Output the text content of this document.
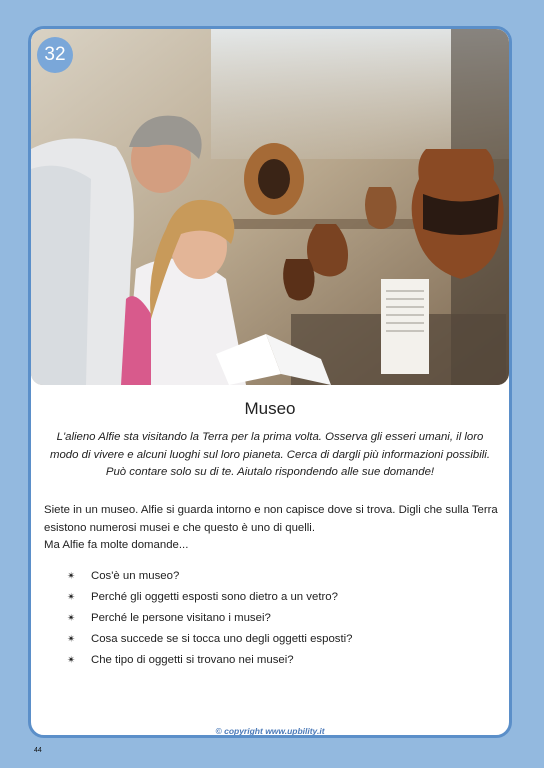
32
Museo
L'alieno Alfie sta visitando la Terra per la prima volta. Osserva gli esseri umani, il loro modo di vivere e alcuni luoghi sul loro pianeta. Cerca di dargli più informazioni possibili. Può contare solo su di te. Aiutalo rispondendo alle sue domande!

Siete in un museo. Alfie si guarda intorno e non capisce dove si trova. Digli che sulla Terra esistono numerosi musei e che questo è uno di quelli.

Ma Alfie fa molte domande...

✴	Cos'è un museo?
✴	Perché gli oggetti esposti sono dietro a un vetro?
✴	Perché le persone visitano i musei?
✴	Cosa succede se si tocca uno degli oggetti esposti?
✴	Che tipo di oggetti si trovano nei musei?
© copyright www.upbility.it
44
